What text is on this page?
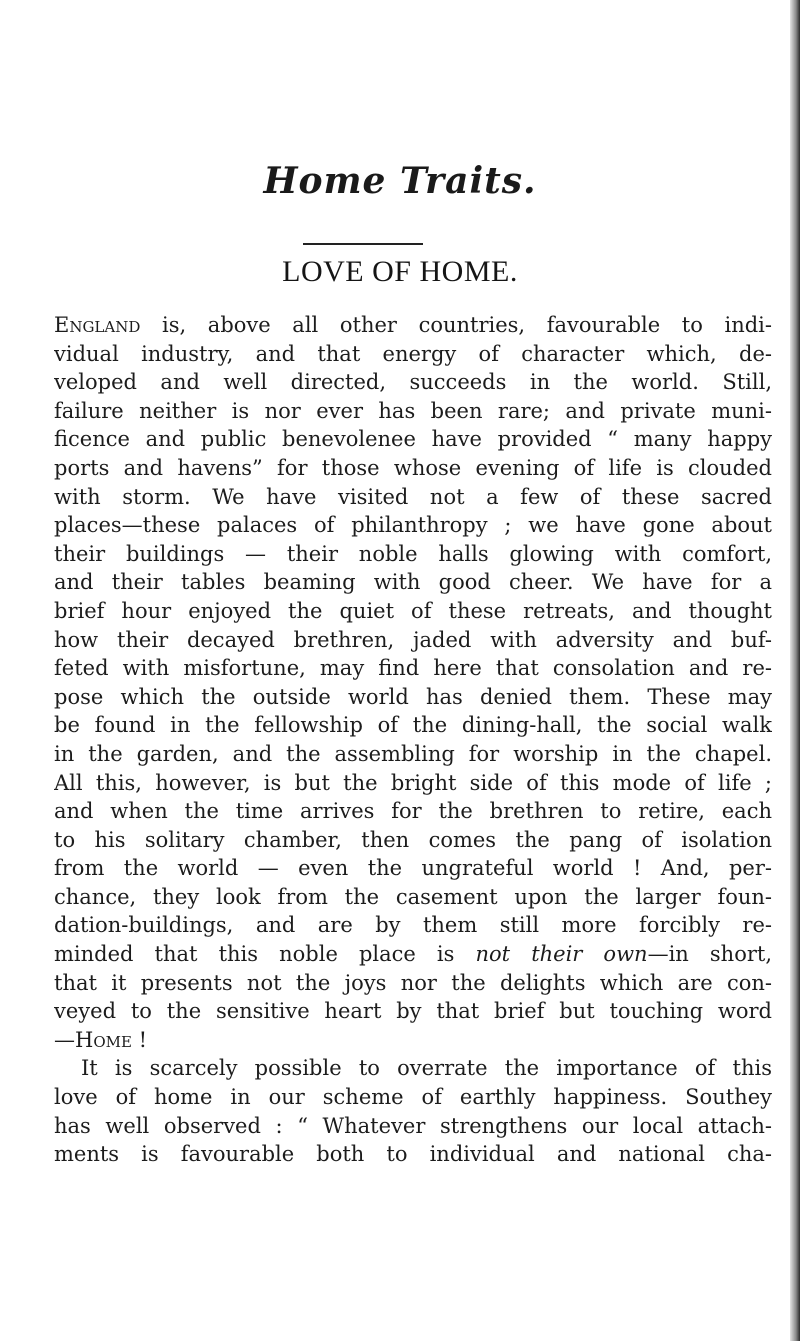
Home Traits.
LOVE OF HOME.
England is, above all other countries, favourable to indi-
vidual industry, and that energy of character which, de-
veloped and well directed, succeeds in the world. Still,
failure neither is nor ever has been rare; and private muni-
ficence and public benevolenee have provided “ many happy
ports and havens” for those whose evening of life is clouded
with storm. We have visited not a few of these sacred
places—these palaces of philanthropy ; we have gone about
their buildings — their noble halls glowing with comfort,
and their tables beaming with good cheer. We have for a
brief hour enjoyed the quiet of these retreats, and thought
how their decayed brethren, jaded with adversity and buf-
feted with misfortune, may find here that consolation and re-
pose which the outside world has denied them. These may
be found in the fellowship of the dining-hall, the social walk
in the garden, and the assembling for worship in the chapel.
All this, however, is but the bright side of this mode of life ;
and when the time arrives for the brethren to retire, each
to his solitary chamber, then comes the pang of isolation
from the world — even the ungrateful world ! And, per-
chance, they look from the casement upon the larger foun-
dation-buildings, and are by them still more forcibly re-
minded that this noble place is not their own—in short,
that it presents not the joys nor the delights which are con-
veyed to the sensitive heart by that brief but touching word
—Home !
It is scarcely possible to overrate the importance of this
love of home in our scheme of earthly happiness. Southey
has well observed : “ Whatever strengthens our local attach-
ments is favourable both to individual and national cha-
